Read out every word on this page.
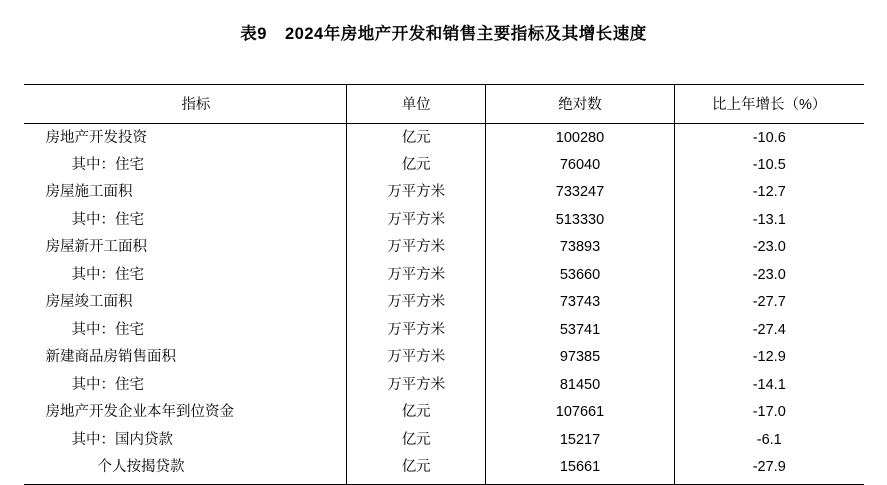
表9 2024年房地产开发和销售主要指标及其增长速度
指标	单位	绝对数	比上年增长（%）
房地产开发投资	亿元	100280	-10.6
其中：住宅	亿元	76040	-10.5
房屋施工面积	万平方米	733247	-12.7
其中：住宅	万平方米	513330	-13.1
房屋新开工面积	万平方米	73893	-23.0
其中：住宅	万平方米	53660	-23.0
房屋竣工面积	万平方米	73743	-27.7
其中：住宅	万平方米	53741	-27.4
新建商品房销售面积	万平方米	97385	-12.9
其中：住宅	万平方米	81450	-14.1
房地产开发企业本年到位资金	亿元	107661	-17.0
其中：国内贷款	亿元	15217	-6.1
个人按揭贷款	亿元	15661	-27.9
